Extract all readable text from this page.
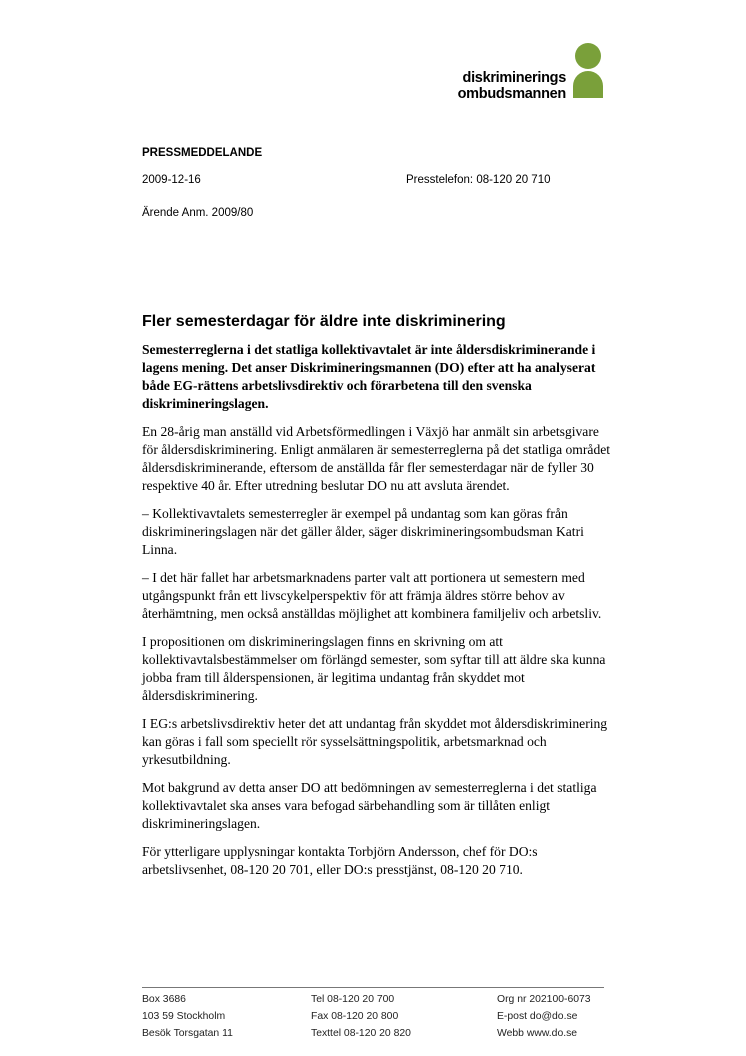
diskriminerings
ombudsmannen
PRESSMEDDELANDE
2009-12-16	Presstelefon: 08-120 20 710
Ärende Anm. 2009/80
Fler semesterdagar för äldre inte diskriminering

Semesterreglerna i det statliga kollektivavtalet är inte åldersdiskriminerande i lagens mening. Det anser Diskrimineringsmannen (DO) efter att ha analyserat både EG-rättens arbetslivsdirektiv och förarbetena till den svenska diskrimineringslagen.

En 28-årig man anställd vid Arbetsförmedlingen i Växjö har anmält sin arbetsgivare för åldersdiskriminering. Enligt anmälaren är semesterreglerna på det statliga området åldersdiskriminerande, eftersom de anställda får fler semesterdagar när de fyller 30 respektive 40 år. Efter utredning beslutar DO nu att avsluta ärendet.

– Kollektivavtalets semesterregler är exempel på undantag som kan göras från diskrimineringslagen när det gäller ålder, säger diskrimineringsombudsman Katri Linna.

– I det här fallet har arbetsmarknadens parter valt att portionera ut semestern med utgångspunkt från ett livscykelperspektiv för att främja äldres större behov av återhämtning, men också anställdas möjlighet att kombinera familjeliv och arbetsliv.

I propositionen om diskrimineringslagen finns en skrivning om att kollektivavtalsbestämmelser om förlängd semester, som syftar till att äldre ska kunna jobba fram till ålderspensionen, är legitima undantag från skyddet mot åldersdiskriminering.

I EG:s arbetslivsdirektiv heter det att undantag från skyddet mot åldersdiskriminering kan göras i fall som speciellt rör sysselsättningspolitik, arbetsmarknad och yrkesutbildning.

Mot bakgrund av detta anser DO att bedömningen av semesterreglerna i det statliga kollektivavtalet ska anses vara befogad särbehandling som är tillåten enligt diskrimineringslagen.

För ytterligare upplysningar kontakta Torbjörn Andersson, chef för DO:s arbetslivsenhet, 08-120 20 701, eller DO:s presstjänst, 08-120 20 710.

Box 3686
103 59 Stockholm
Besök Torsgatan 11
Tel 08-120 20 700
Fax 08-120 20 800
Texttel 08-120 20 820
Org nr 202100-6073
E-post do@do.se
Webb www.do.se
